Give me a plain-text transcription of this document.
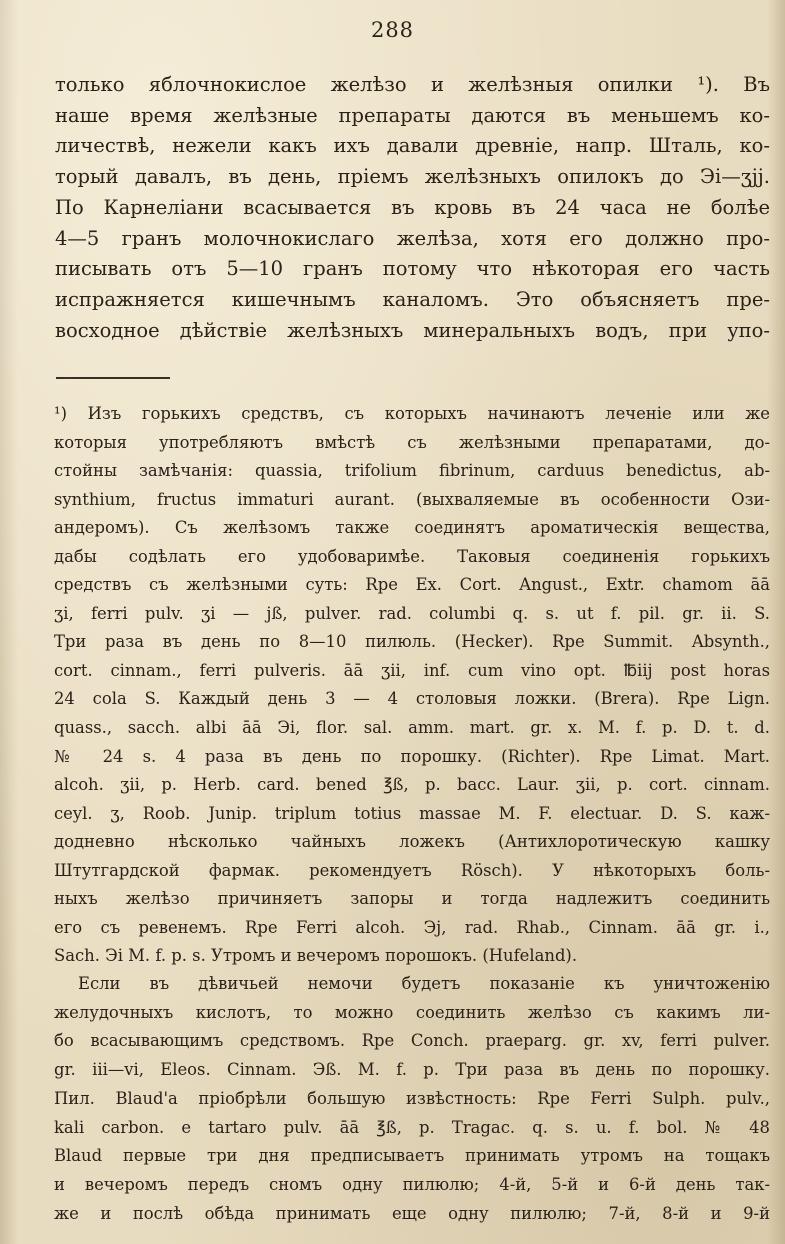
288
только яблочнокислое желѣзо и желѣзныя опилки ¹). Въ
наше время желѣзные препараты даются въ меньшемъ ко-
личествѣ, нежели какъ ихъ давали древніе, напр. Шталь, ко-
торый давалъ, въ день, пріемъ желѣзныхъ опилокъ до Эі—ʒjj.
По Карнеліани всасывается въ кровь въ 24 часа не болѣе
4—5 гранъ молочнокислаго желѣза, хотя его должно про-
писывать отъ 5—10 гранъ потому что нѣкоторая его часть
испражняется кишечнымъ каналомъ. Это объясняетъ пре-
восходное дѣйствіе желѣзныхъ минеральныхъ водъ, при упо-
¹) Изъ горькихъ средствъ, съ которыхъ начинаютъ леченіе или же
которыя употребляютъ вмѣстѣ съ желѣзными препаратами, до-
стойны замѣчанія: quassia, trifolium fibrinum, carduus benedictus, ab-
synthium, fructus immaturi aurant. (выхваляемые въ особенности Ози-
андеромъ). Съ желѣзомъ также соединятъ ароматическія вещества,
дабы содѣлать его удобоваримѣе. Таковыя соединенія горькихъ
средствъ съ желѣзными суть: Rpe Ex. Cort. Angust., Extr. chamom āā
ʒi, ferri pulv. ʒi — jß, pulver. rad. columbi q. s. ut f. pil. gr. ii. S.
Три раза въ день по 8—10 пилюль. (Hecker). Rpe Summit. Absynth.,
cort. cinnam., ferri pulveris. āā ʒii, inf. cum vino opt. ℔iij post horas
24 cola S. Каждый день 3 — 4 столовыя ложки. (Brera). Rpe Lign.
quass., sacch. albi āā Эi, flor. sal. amm. mart. gr. x. M. f. p. D. t. d.
№ 24 s. 4 раза въ день по порошку. (Richter). Rpe Limat. Mart.
alcoh. ʒii, p. Herb. card. bened ℥ß, p. bacc. Laur. ʒii, p. cort. cinnam.
ceyl. ʒ, Roob. Junip. triplum totius massae M. F. electuar. D. S. каж-
додневно нѣсколько чайныхъ ложекъ (Антихлоротическую кашку
Штутгардской фармак. рекомендуетъ Rösch). У нѣкоторыхъ боль-
ныхъ желѣзо причиняетъ запоры и тогда надлежитъ соединить
его съ ревенемъ. Rpe Ferri alcoh. Эj, rad. Rhab., Cinnam. āā gr. i.,
Sach. Эi M. f. p. s. Утромъ и вечеромъ порошокъ. (Hufeland).
Если въ дѣвичьей немочи будетъ показаніе къ уничтоженію
желудочныхъ кислотъ, то можно соединить желѣзо съ какимъ ли-
бо всасывающимъ средствомъ. Rpe Conch. praeparg. gr. xv, ferri pulver.
gr. iii—vi, Eleos. Cinnam. Эß. M. f. p. Три раза въ день по порошку.
Пил. Blaud'a пріобрѣли большую извѣстность: Rpe Ferri Sulph. pulv.,
kali carbon. e tartaro pulv. āā ℥ß, p. Tragac. q. s. u. f. bol. № 48
Blaud первые три дня предписываетъ принимать утромъ на тощакъ
и вечеромъ передъ сномъ одну пилюлю; 4-й, 5-й и 6-й день так-
же и послѣ обѣда принимать еще одну пилюлю; 7-й, 8-й и 9-й
